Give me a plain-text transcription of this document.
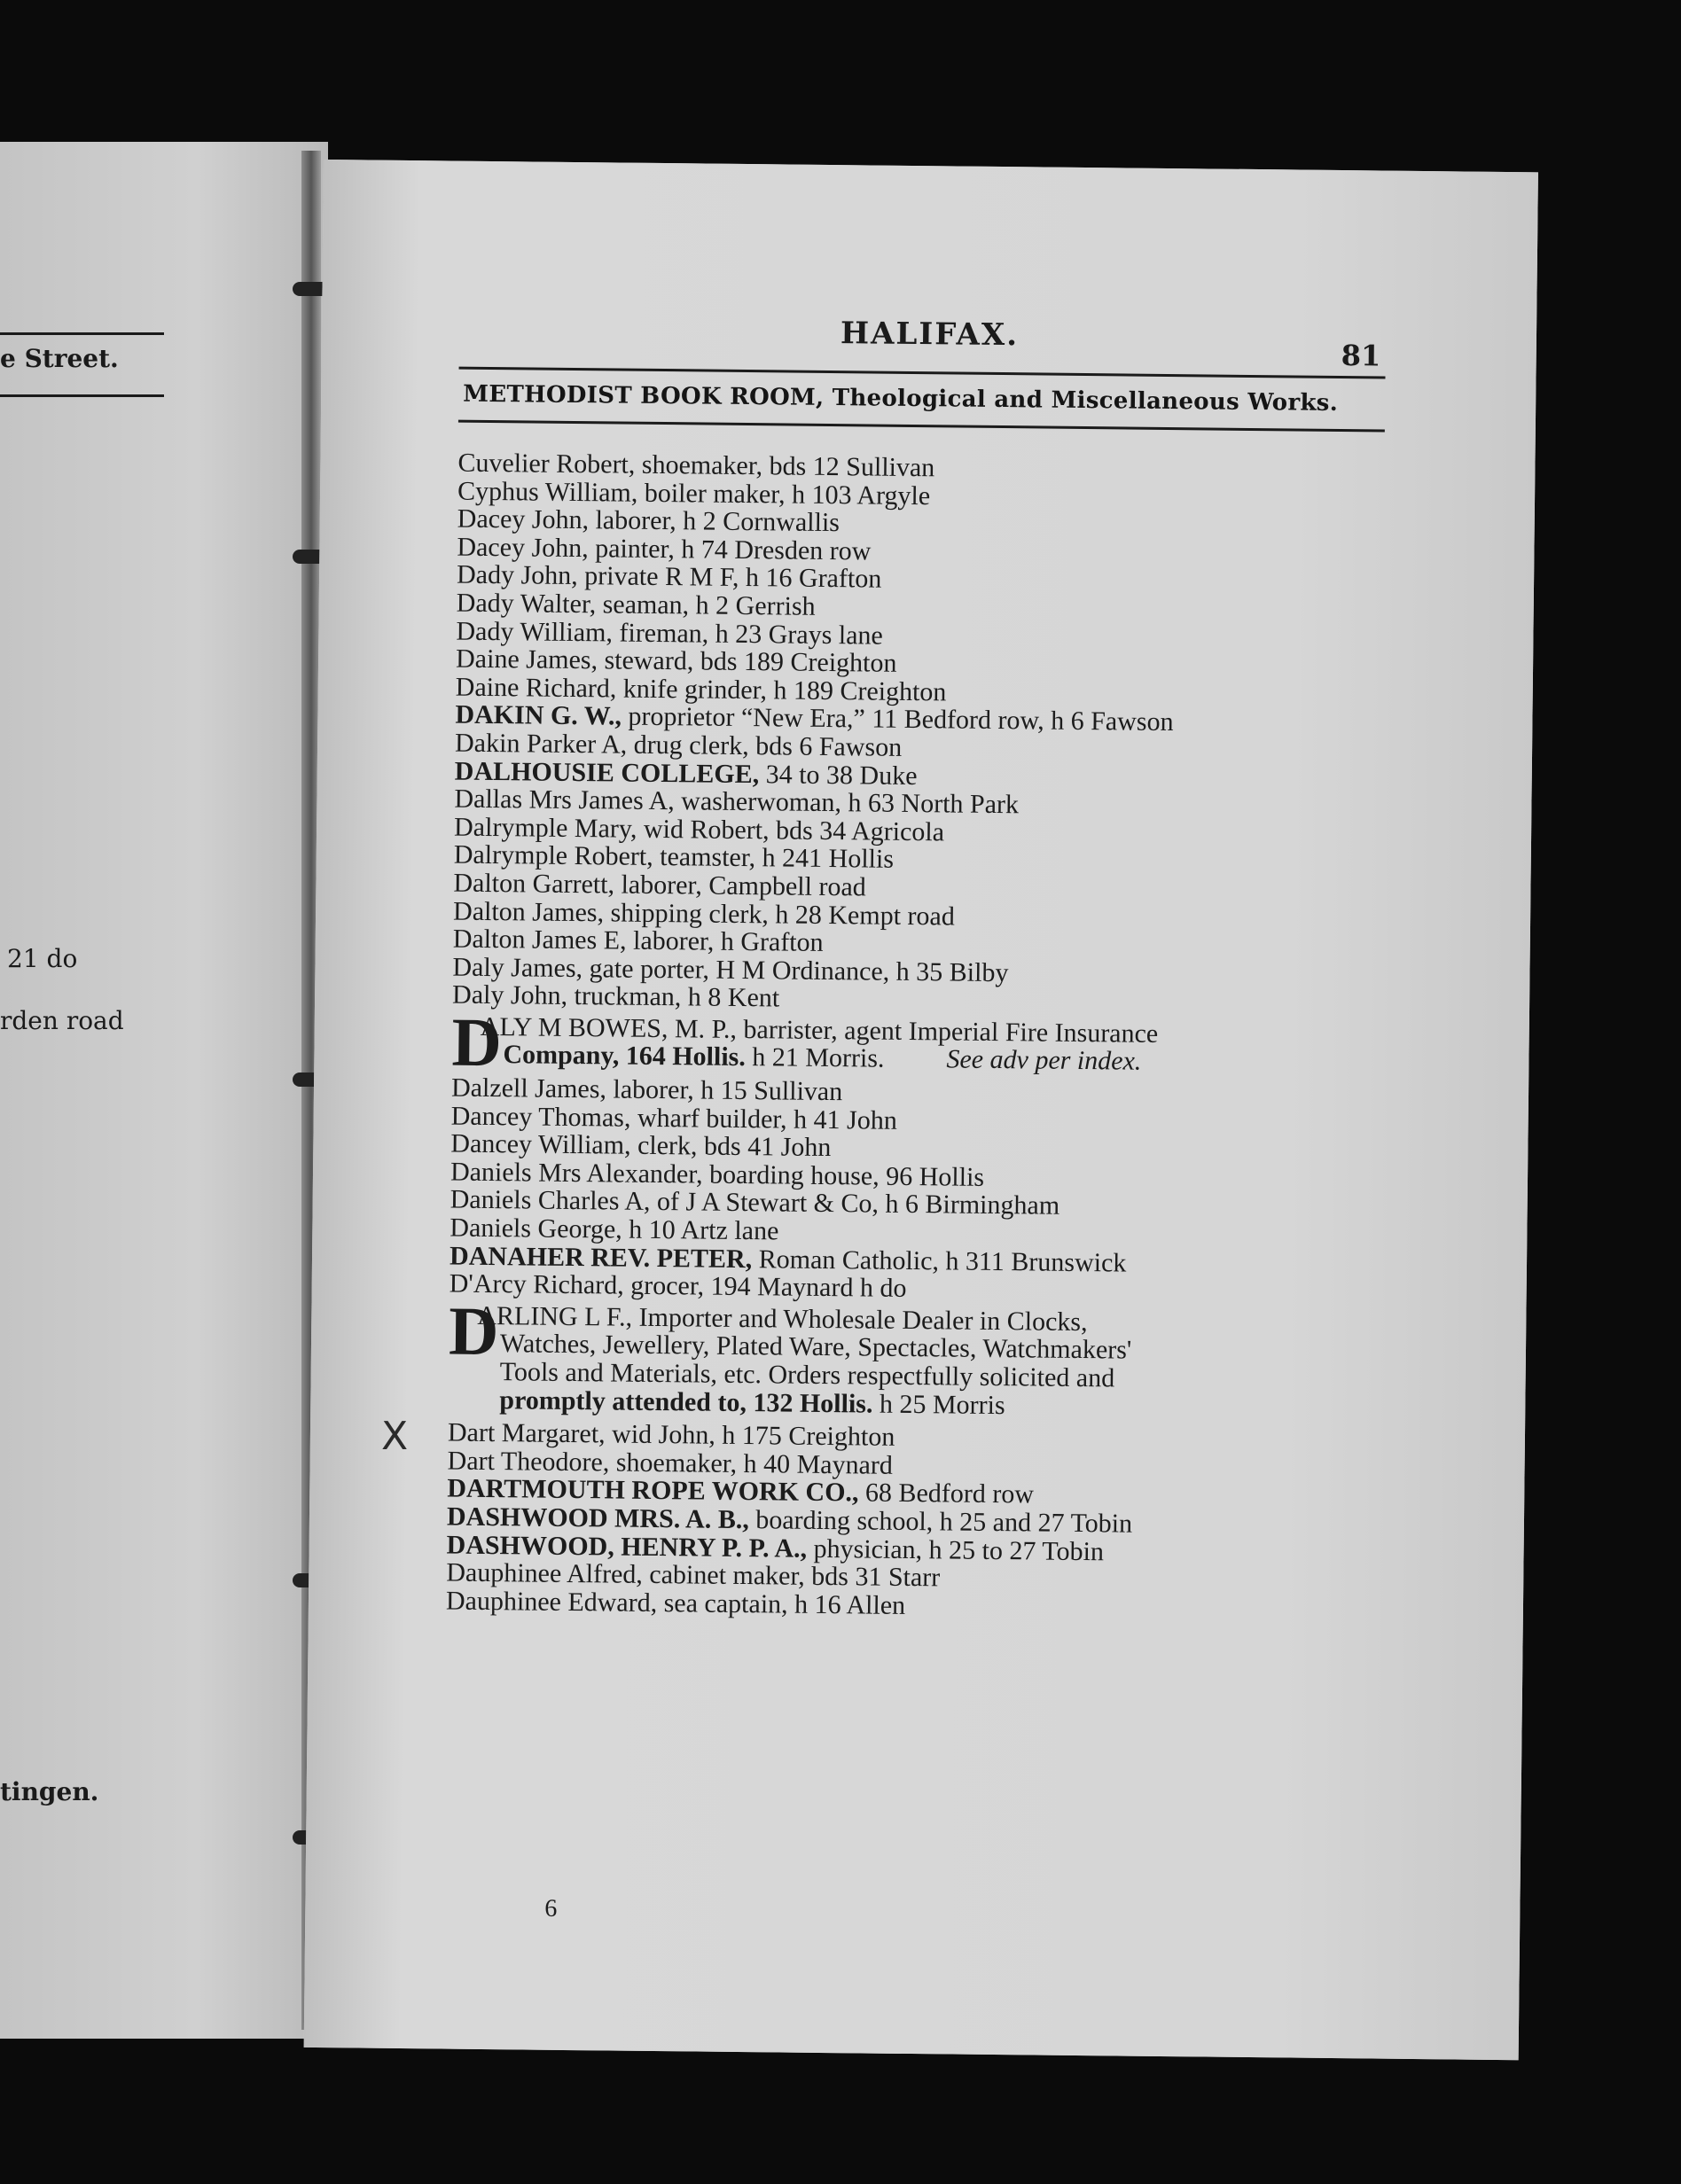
e Street.
21 do
rden road
tingen.
HALIFAX.
81
METHODIST BOOK ROOM, Theological and Miscellaneous Works.
Cuvelier Robert, shoemaker, bds 12 Sullivan
Cyphus William, boiler maker, h 103 Argyle
Dacey John, laborer, h 2 Cornwallis
Dacey John, painter, h 74 Dresden row
Dady John, private R M F, h 16 Grafton
Dady Walter, seaman, h 2 Gerrish
Dady William, fireman, h 23 Grays lane
Daine James, steward, bds 189 Creighton
Daine Richard, knife grinder, h 189 Creighton
DAKIN G. W., proprietor “New Era,” 11 Bedford row, h 6 Fawson
Dakin Parker A, drug clerk, bds 6 Fawson
DALHOUSIE COLLEGE, 34 to 38 Duke
Dallas Mrs James A, washerwoman, h 63 North Park
Dalrymple Mary, wid Robert, bds 34 Agricola
Dalrymple Robert, teamster, h 241 Hollis
Dalton Garrett, laborer, Campbell road
Dalton James, shipping clerk, h 28 Kempt road
Dalton James E, laborer, h Grafton
Daly James, gate porter, H M Ordinance, h 35 Bilby
Daly John, truckman, h 8 Kent
D
ALY M BOWES, M. P., barrister, agent Imperial Fire Insurance
Company, 164 Hollis. h 21 Morris. See adv per index.
Dalzell James, laborer, h 15 Sullivan
Dancey Thomas, wharf builder, h 41 John
Dancey William, clerk, bds 41 John
Daniels Mrs Alexander, boarding house, 96 Hollis
Daniels Charles A, of J A Stewart & Co, h 6 Birmingham
Daniels George, h 10 Artz lane
DANAHER REV. PETER, Roman Catholic, h 311 Brunswick
D'Arcy Richard, grocer, 194 Maynard h do
D
ARLING L F., Importer and Wholesale Dealer in Clocks,
Watches, Jewellery, Plated Ware, Spectacles, Watchmakers'
Tools and Materials, etc. Orders respectfully solicited and
promptly attended to, 132 Hollis. h 25 Morris
Dart Margaret, wid John, h 175 Creighton
Dart Theodore, shoemaker, h 40 Maynard
DARTMOUTH ROPE WORK CO., 68 Bedford row
DASHWOOD MRS. A. B., boarding school, h 25 and 27 Tobin
DASHWOOD, HENRY P. P. A., physician, h 25 to 27 Tobin
Dauphinee Alfred, cabinet maker, bds 31 Starr
Dauphinee Edward, sea captain, h 16 Allen
6
X
